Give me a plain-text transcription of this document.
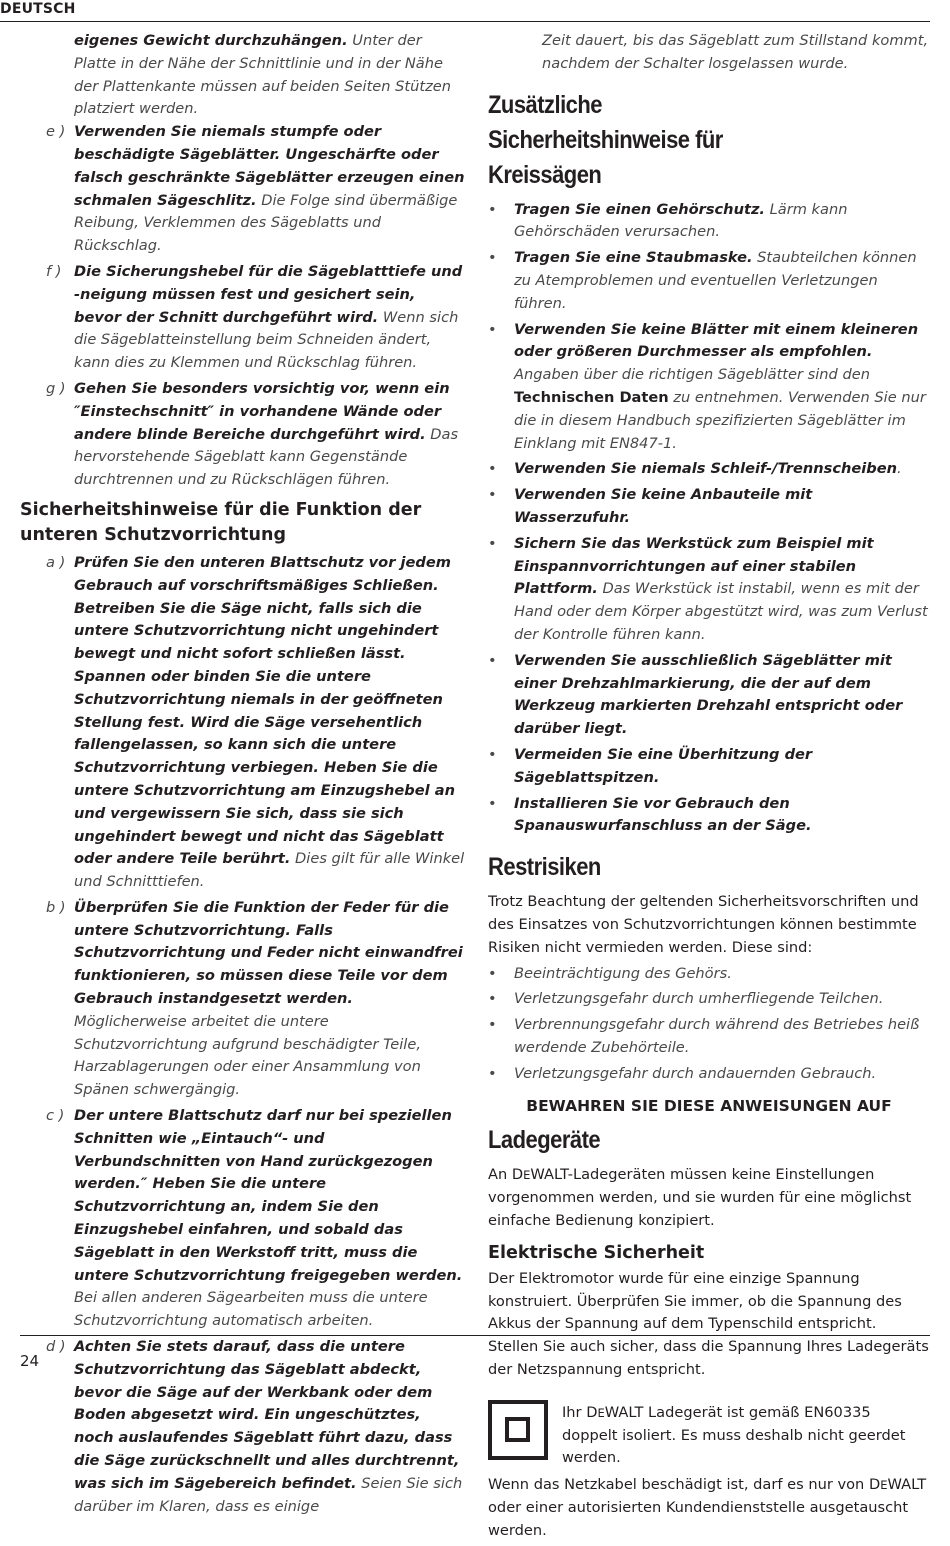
DEUTSCH
eigenes Gewicht durchzuhängen. Unter der Platte in der Nähe der Schnittlinie und in der Nähe der Plattenkante müssen auf beiden Seiten Stützen platziert werden.
e ) Verwenden Sie niemals stumpfe oder beschädigte Sägeblätter. Ungeschärfte oder falsch geschränkte Sägeblätter erzeugen einen schmalen Sägeschlitz. Die Folge sind übermäßige Reibung, Verklemmen des Sägeblatts und Rückschlag.
f ) Die Sicherungshebel für die Sägeblatttiefe und -neigung müssen fest und gesichert sein, bevor der Schnitt durchgeführt wird. Wenn sich die Sägeblatteinstellung beim Schneiden ändert, kann dies zu Klemmen und Rückschlag führen.
g ) Gehen Sie besonders vorsichtig vor, wenn ein ″Einstechschnitt″ in vorhandene Wände oder andere blinde Bereiche durchgeführt wird. Das hervorstehende Sägeblatt kann Gegenstände durchtrennen und zu Rückschlägen führen.
Sicherheitshinweise für die Funktion der unteren Schutzvorrichtung
a ) Prüfen Sie den unteren Blattschutz vor jedem Gebrauch auf vorschriftsmäßiges Schließen. Betreiben Sie die Säge nicht, falls sich die untere Schutzvorrichtung nicht ungehindert bewegt und nicht sofort schließen lässt. Spannen oder binden Sie die untere Schutzvorrichtung niemals in der geöffneten Stellung fest. Wird die Säge versehentlich fallengelassen, so kann sich die untere Schutzvorrichtung verbiegen. Heben Sie die untere Schutzvorrichtung am Einzugshebel an und vergewissern Sie sich, dass sie sich ungehindert bewegt und nicht das Sägeblatt oder andere Teile berührt. Dies gilt für alle Winkel und Schnitttiefen.
b ) Überprüfen Sie die Funktion der Feder für die untere Schutzvorrichtung. Falls Schutzvorrichtung und Feder nicht einwandfrei funktionieren, so müssen diese Teile vor dem Gebrauch instandgesetzt werden. Möglicherweise arbeitet die untere Schutzvorrichtung aufgrund beschädigter Teile, Harzablagerungen oder einer Ansammlung von Spänen schwergängig.
c ) Der untere Blattschutz darf nur bei speziellen Schnitten wie „Eintauch“- und Verbundschnitten von Hand zurückgezogen werden.″ Heben Sie die untere Schutzvorrichtung an, indem Sie den Einzugshebel einfahren, und sobald das Sägeblatt in den Werkstoff tritt, muss die untere Schutzvorrichtung freigegeben werden. Bei allen anderen Sägearbeiten muss die untere Schutzvorrichtung automatisch arbeiten.
d ) Achten Sie stets darauf, dass die untere Schutzvorrichtung das Sägeblatt abdeckt, bevor die Säge auf der Werkbank oder dem Boden abgesetzt wird. Ein ungeschütztes, noch auslaufendes Sägeblatt führt dazu, dass die Säge zurückschnellt und alles durchtrennt, was sich im Sägebereich befindet. Seien Sie sich darüber im Klaren, dass es einige
Zeit dauert, bis das Sägeblatt zum Stillstand kommt, nachdem der Schalter losgelassen wurde.
Zusätzliche Sicherheitshinweise für Kreissägen
• Tragen Sie einen Gehörschutz. Lärm kann Gehörschäden verursachen.
• Tragen Sie eine Staubmaske. Staubteilchen können zu Atemproblemen und eventuellen Verletzungen führen.
• Verwenden Sie keine Blätter mit einem kleineren oder größeren Durchmesser als empfohlen. Angaben über die richtigen Sägeblätter sind den Technischen Daten zu entnehmen. Verwenden Sie nur die in diesem Handbuch spezifizierten Sägeblätter im Einklang mit EN847-1.
• Verwenden Sie niemals Schleif-/Trennscheiben.
• Verwenden Sie keine Anbauteile mit Wasserzufuhr.
• Sichern Sie das Werkstück zum Beispiel mit Einspannvorrichtungen auf einer stabilen Plattform. Das Werkstück ist instabil, wenn es mit der Hand oder dem Körper abgestützt wird, was zum Verlust der Kontrolle führen kann.
• Verwenden Sie ausschließlich Sägeblätter mit einer Drehzahlmarkierung, die der auf dem Werkzeug markierten Drehzahl entspricht oder darüber liegt.
• Vermeiden Sie eine Überhitzung der Sägeblattspitzen.
• Installieren Sie vor Gebrauch den Spanauswurfanschluss an der Säge.
Restrisiken
Trotz Beachtung der geltenden Sicherheitsvorschriften und des Einsatzes von Schutzvorrichtungen können bestimmte Risiken nicht vermieden werden. Diese sind:
• Beeinträchtigung des Gehörs.
• Verletzungsgefahr durch umherfliegende Teilchen.
• Verbrennungsgefahr durch während des Betriebes heiß werdende Zubehörteile.
• Verletzungsgefahr durch andauernden Gebrauch.
BEWAHREN SIE DIESE ANWEISUNGEN AUF
Ladegeräte
An DEWALT-Ladegeräten müssen keine Einstellungen vorgenommen werden, und sie wurden für eine möglichst einfache Bedienung konzipiert.
Elektrische Sicherheit
Der Elektromotor wurde für eine einzige Spannung konstruiert. Überprüfen Sie immer, ob die Spannung des Akkus der Spannung auf dem Typenschild entspricht. Stellen Sie auch sicher, dass die Spannung Ihres Ladegeräts der Netzspannung entspricht.
Ihr DEWALT Ladegerät ist gemäß EN60335 doppelt isoliert. Es muss deshalb nicht geerdet werden.
Wenn das Netzkabel beschädigt ist, darf es nur von DEWALT oder einer autorisierten Kundendienststelle ausgetauscht werden.
24
